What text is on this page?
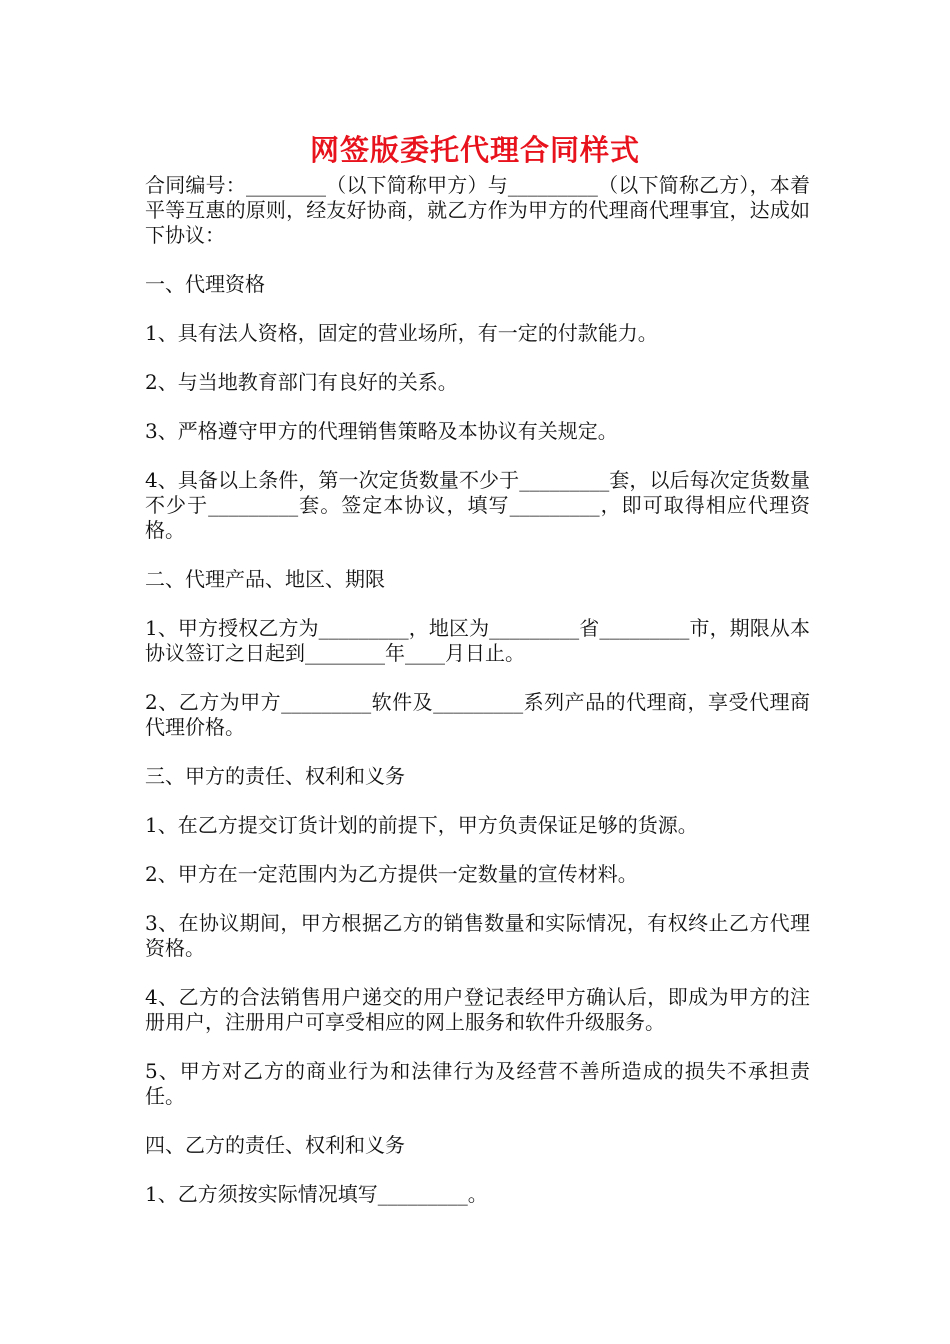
网签版委托代理合同样式

合同编号：________（以下简称甲方）与_________（以下简称乙方），本着平等互惠的原则，经友好协商，就乙方作为甲方的代理商代理事宜，达成如下协议：

一、代理资格

1、具有法人资格，固定的营业场所，有一定的付款能力。

2、与当地教育部门有良好的关系。

3、严格遵守甲方的代理销售策略及本协议有关规定。

4、具备以上条件，第一次定货数量不少于_________套，以后每次定货数量不少于_________套。签定本协议，填写_________，即可取得相应代理资格。

二、代理产品、地区、期限

1、甲方授权乙方为_________，地区为_________省_________市，期限从本协议签订之日起到________年____月日止。

2、乙方为甲方_________软件及_________系列产品的代理商，享受代理商代理价格。

三、甲方的责任、权利和义务

1、在乙方提交订货计划的前提下，甲方负责保证足够的货源。

2、甲方在一定范围内为乙方提供一定数量的宣传材料。

3、在协议期间，甲方根据乙方的销售数量和实际情况，有权终止乙方代理资格。

4、乙方的合法销售用户递交的用户登记表经甲方确认后，即成为甲方的注册用户，注册用户可享受相应的网上服务和软件升级服务。

5、甲方对乙方的商业行为和法律行为及经营不善所造成的损失不承担责任。

四、乙方的责任、权利和义务

1、乙方须按实际情况填写_________。
